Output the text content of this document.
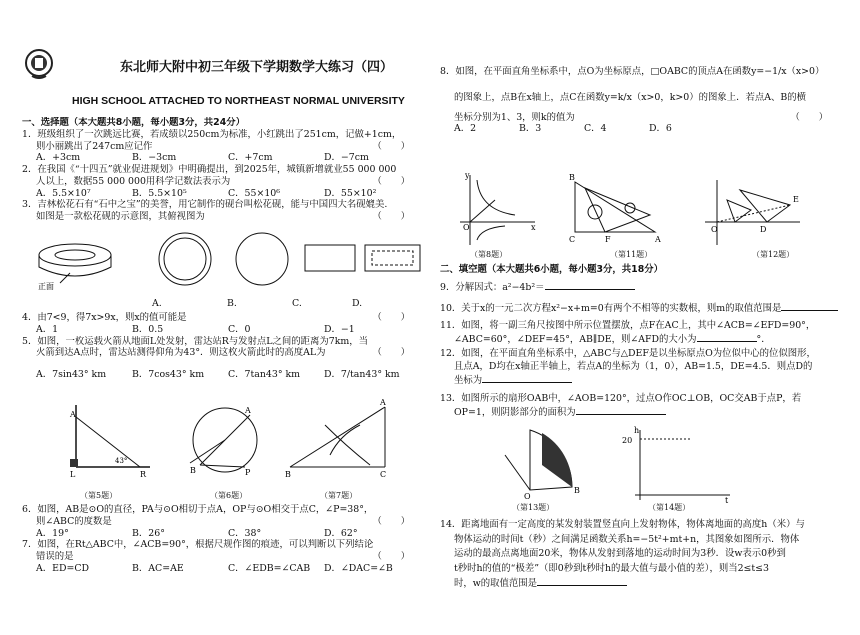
东北师大附中初三年级下学期数学大练习（四）
HIGH SCHOOL ATTACHED TO NORTHEAST NORMAL UNIVERSITY
一、选择题（本大题共8小题，每小题3分，共24分）
1．班级组织了一次跳远比赛，若成绩以250cm为标准，小红跳出了251cm，记做+1cm，
则小丽跳出了247cm应记作	（　　）
A．+3cm	B．−3cm	C．+7cm	D．−7cm
2．在我国《“十四五”就业促进规划》中明确提出，到2025年，城镇新增就业55 000 000
人以上，数据55 000 000用科学记数法表示为	（　　）
A．5.5×10⁷	B．5.5×10⁵	C．55×10⁶	D．55×10²
3．吉林松花石有“石中之宝”的美誉，用它制作的砚台叫松花砚，能与中国四大名砚媲美.
如图是一款松花砚的示意图，其俯视图为	（　　）
正面
A.	B.	C.	D.
4．由7<9，得7x>9x，则x的值可能是	（　　）
A．1	B．0.5	C．0	D．−1
5．如图，一枚运载火箭从地面L处发射，雷达站R与发射点L之间的距离为7km，当
火箭到达A点时，雷达站测得仰角为43°．则这枚火箭此时的高度AL为	（　　）
A．7sin43° km	B．7cos43° km	C．7tan43° km	D．7/tan43° km
A
L	R
43°
B	P
A
B	C
A
（第5题）	（第6题）	（第7题）
6．如图，AB是⊙O的直径，PA与⊙O相切于点A，OP与⊙O相交于点C，∠P=38°，
则∠ABC的度数是	（　　）
A．19°	B．26°	C．38°	D．62°
7．如图，在Rt△ABC中，∠ACB=90°，根据尺规作图的痕迹，可以判断以下列结论
错误的是	（　　）
A．ED=CD	B．AC=AE	C．∠EDB=∠CAB	D．∠DAC=∠B
8．如图，在平面直角坐标系中，点O为坐标原点，□OABC的顶点A在函数y=−1/x（x>0）
的图象上，点B在x轴上，点C在函数y=k/x（x>0，k>0）的图象上．若点A、B的横
坐标分别为1、3，则k的值为	（　　）
A．2	B．3	C．4	D．6
O	x
y	B
C	A
F
O
E
D
（第8题）	（第11题）	（第12题）
二、填空题（本大题共6小题，每小题3分，共18分）
9．分解因式：a²−4b²＝
10．关于x的一元二次方程x²−x+m=0有两个不相等的实数根，则m的取值范围是
11．如图，将一副三角尺按图中所示位置摆放，点F在AC上，其中∠ACB=∠EFD=90°，
∠ABC=60°，∠DEF=45°，AB∥DE，则∠AFD的大小为	°．
12．如图，在平面直角坐标系中，△ABC与△DEF是以坐标原点O为位似中心的位似图形，
且点A，D均在x轴正半轴上，若点A的坐标为（1，0），AB=1.5，DE=4.5．则点D的
坐标为
13．如图所示的扇形OAB中，∠AOB=120°，过点O作OC⊥OB，OC交AB于点P，若
OP=1，则阴影部分的面积为
O
B
h
t
20
（第13题）	（第14题）
14．距离地面有一定高度的某发射装置竖直向上发射物体，物体离地面的高度h（米）与
物体运动的时间t（秒）之间满足函数关系h=−5t²+mt+n，其图象如图所示．物体
运动的最高点离地面20米，物体从发射到落地的运动时间为3秒．设w表示0秒到
t秒时h的值的“极差”（即0秒到t秒时h的最大值与最小值的差），则当2≤t≤3
时，w的取值范围是
